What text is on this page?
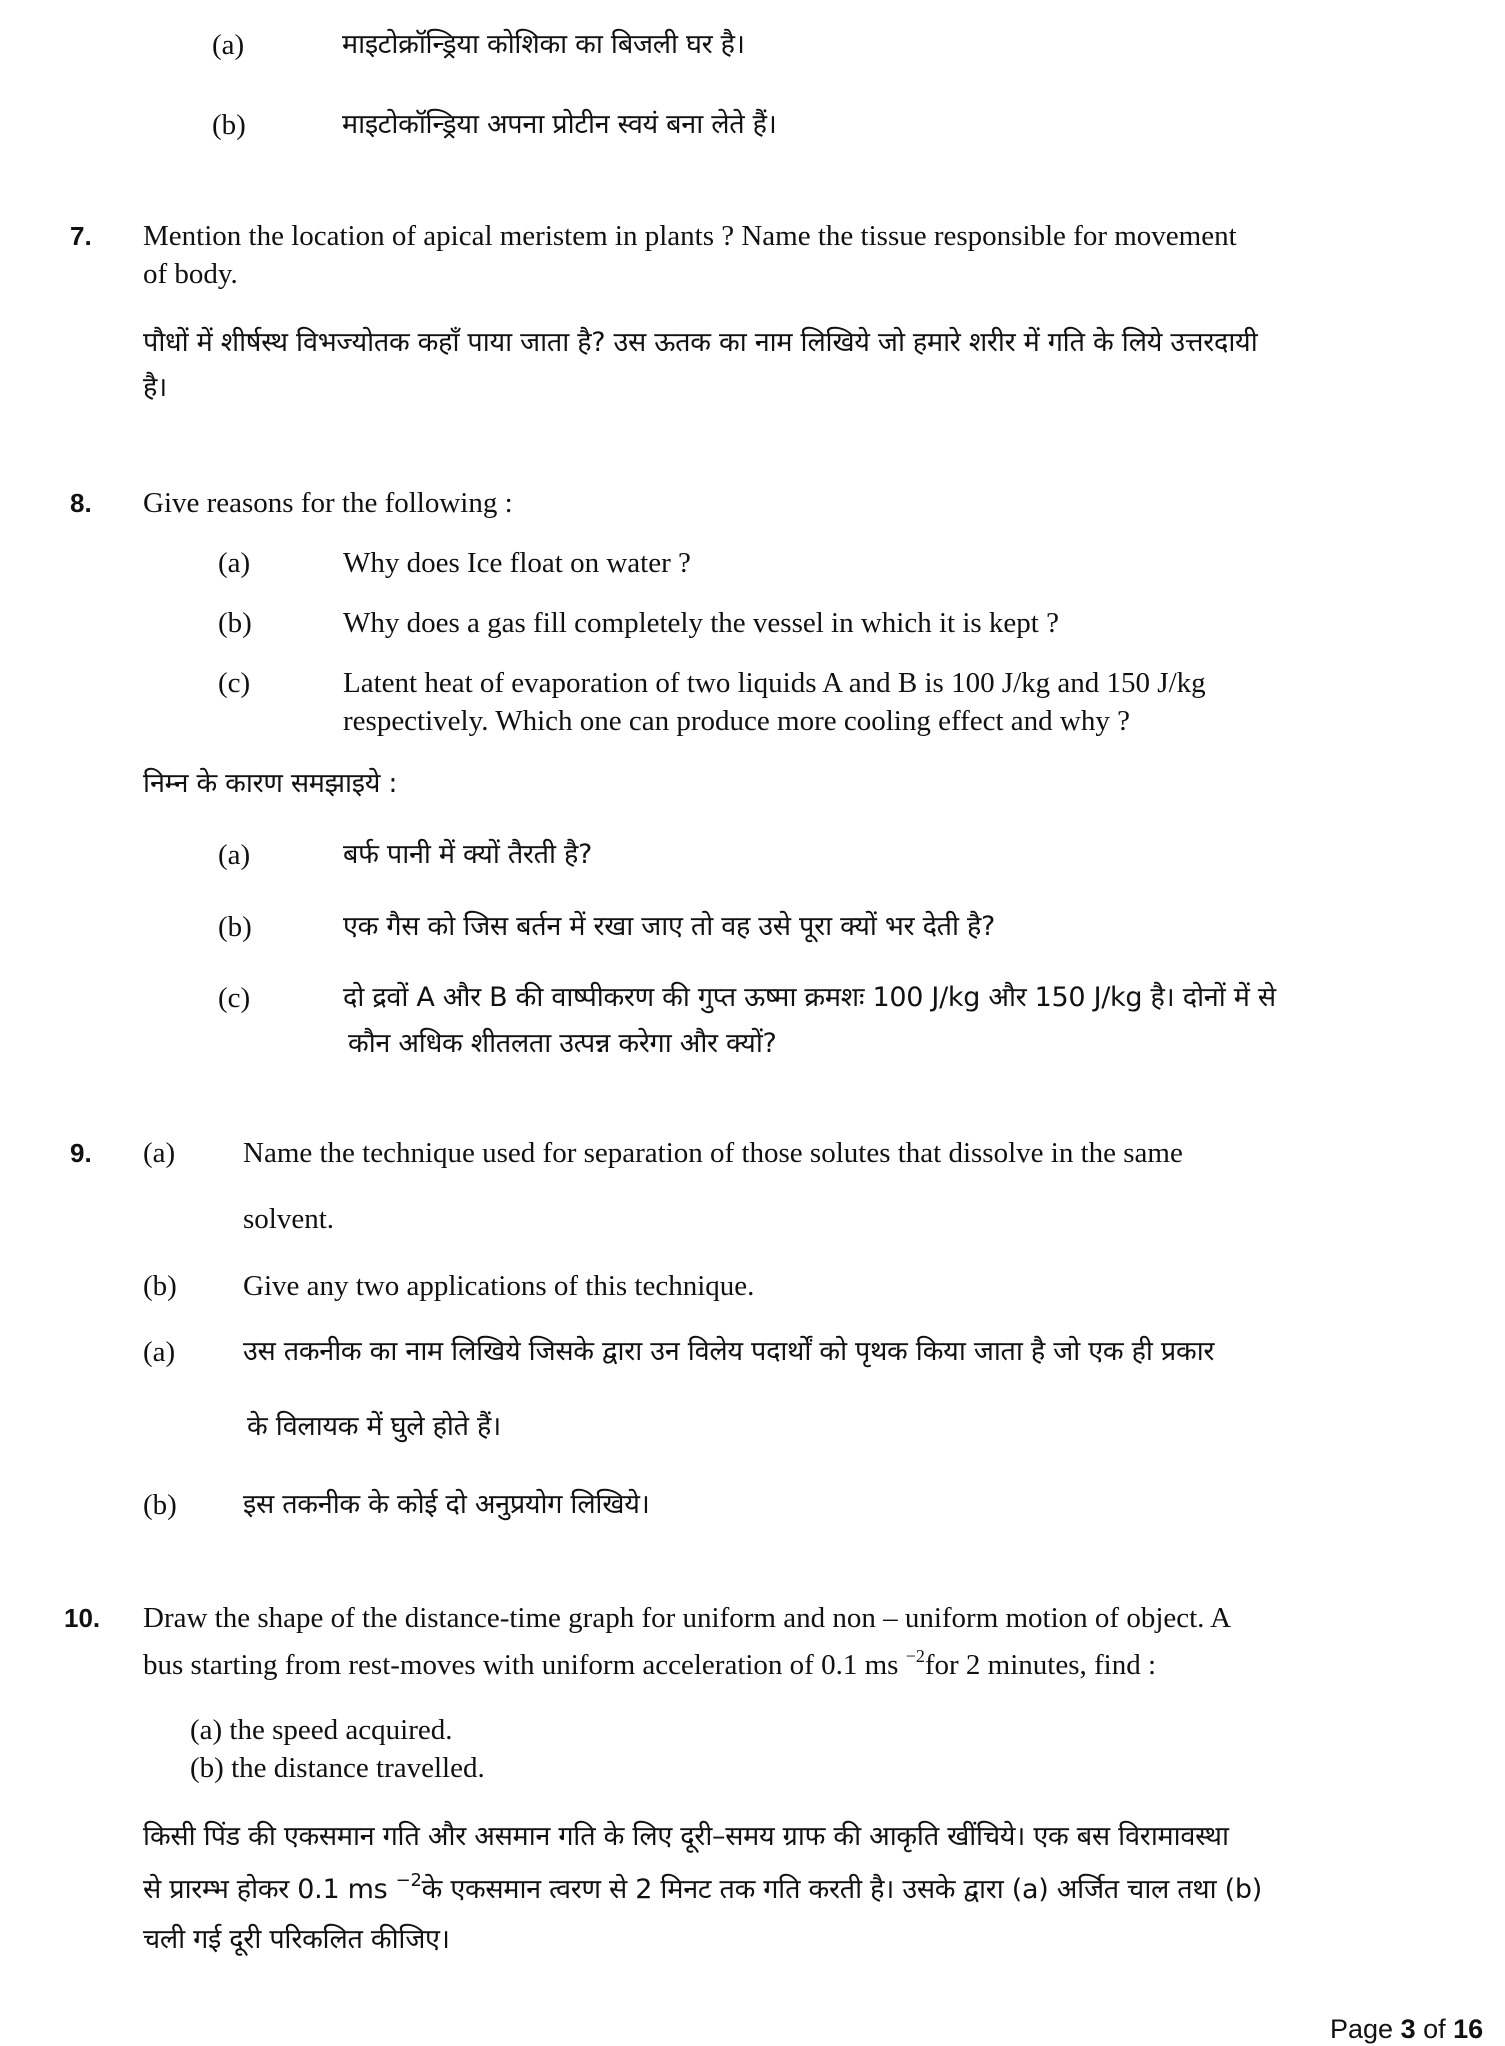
(a)	माइटोक्रॉन्ड्रिया कोशिका का बिजली घर है।
(b)	माइटोकॉन्ड्रिया अपना प्रोटीन स्वयं बना लेते हैं।
7. Mention the location of apical meristem in plants ? Name the tissue responsible for movement
of body.
पौधों में शीर्षस्थ विभज्योतक कहाँ पाया जाता है? उस ऊतक का नाम लिखिये जो हमारे शरीर में गति के लिये उत्तरदायी
है।
8. Give reasons for the following :
(a)	Why does Ice float on water ?
(b)	Why does a gas fill completely the vessel in which it is kept ?
(c)	Latent heat of evaporation of two liquids A and B is 100 J/kg and 150 J/kg
respectively. Which one can produce more cooling effect and why ?
निम्न के कारण समझाइये :
(a)	बर्फ पानी में क्यों तैरती है?
(b)	एक गैस को जिस बर्तन में रखा जाए तो वह उसे पूरा क्यों भर देती है?
(c)	दो द्रवों A और B की वाष्पीकरण की गुप्त ऊष्मा क्रमशः 100 J/kg और 150 J/kg है। दोनों में से
कौन अधिक शीतलता उत्पन्न करेगा और क्यों?
9. (a) Name the technique used for separation of those solutes that dissolve in the same
solvent.
(b) Give any two applications of this technique.
(a)	उस तकनीक का नाम लिखिये जिसके द्वारा उन विलेय पदार्थों को पृथक किया जाता है जो एक ही प्रकार
के विलायक में घुले होते हैं।
(b) इस तकनीक के कोई दो अनुप्रयोग लिखिये।
10. Draw the shape of the distance-time graph for uniform and non – uniform motion of object. A
bus starting from rest-moves with uniform acceleration of 0.1 ms $^{-2}$for 2 minutes, find :
(a) the speed acquired.
(b) the distance travelled.
किसी पिंड की एकसमान गति और असमान गति के लिए दूरी–समय ग्राफ की आकृति खींचिये। एक बस विरामावस्था
से प्रारम्भ होकर 0.1 ms $^{-2}$के एकसमान त्वरण से 2 मिनट तक गति करती है। उसके द्वारा (a) अर्जित चाल तथा (b)
चली गई दूरी परिकलित कीजिए।
Page 3 of 16
